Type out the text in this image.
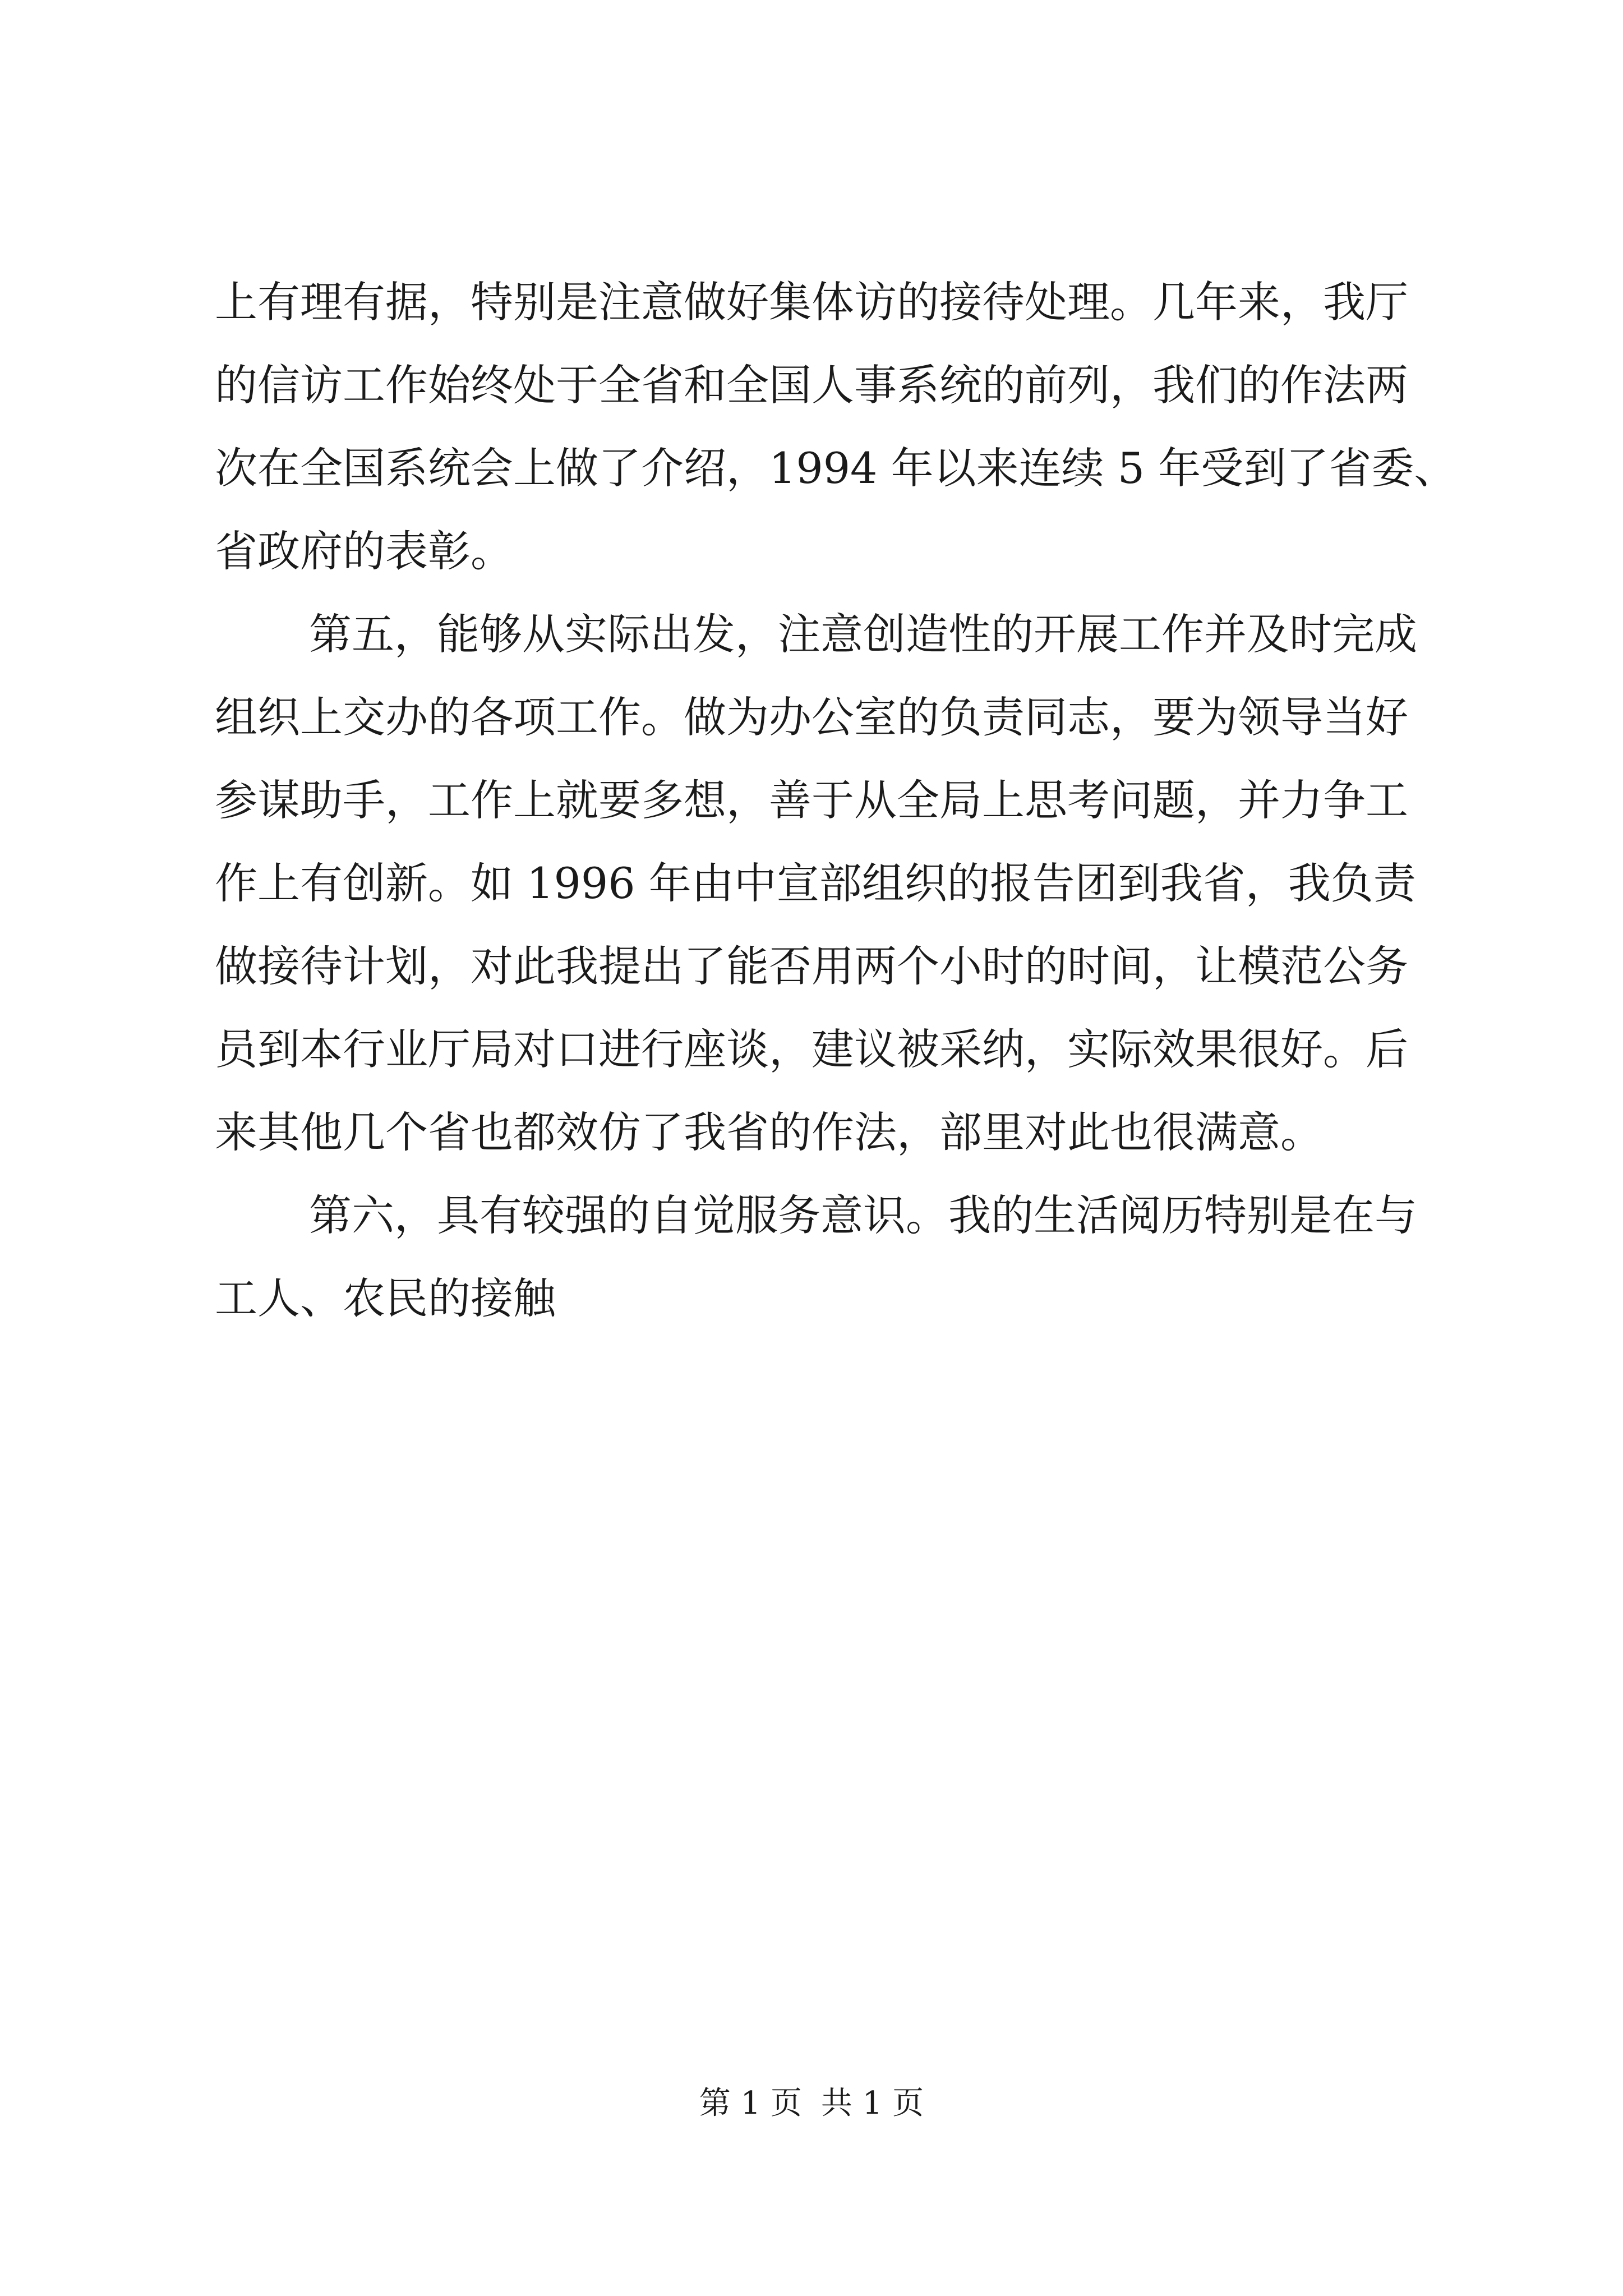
上有理有据，特别是注意做好集体访的接待处理。几年来，我厅
的信访工作始终处于全省和全国人事系统的前列，我们的作法两
次在全国系统会上做了介绍，1994 年以来连续 5 年受到了省委、
省政府的表彰。
第五，能够从实际出发，注意创造性的开展工作并及时完成
组织上交办的各项工作。做为办公室的负责同志，要为领导当好
参谋助手，工作上就要多想，善于从全局上思考问题，并力争工
作上有创新。如 1996 年由中宣部组织的报告团到我省，我负责
做接待计划，对此我提出了能否用两个小时的时间，让模范公务
员到本行业厅局对口进行座谈，建议被采纳，实际效果很好。后
来其他几个省也都效仿了我省的作法，部里对此也很满意。
第六，具有较强的自觉服务意识。我的生活阅历特别是在与
工人、农民的接触
第 1 页 共 1 页
